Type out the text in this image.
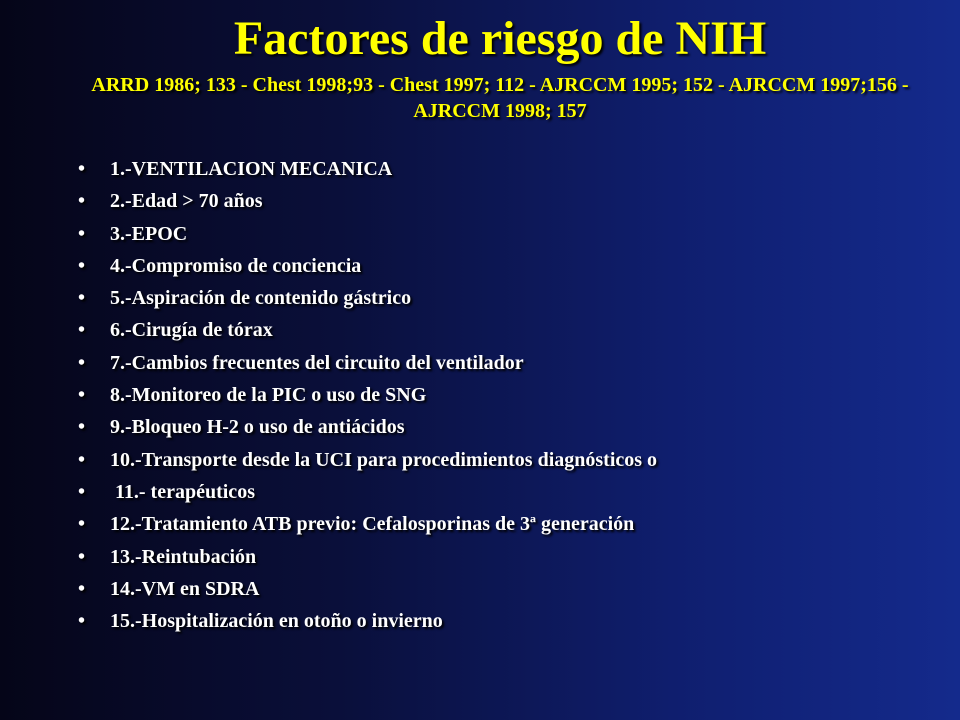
Factores de riesgo de NIH
ARRD 1986; 133 - Chest 1998;93 - Chest 1997; 112 - AJRCCM 1995; 152 - AJRCCM 1997;156 - AJRCCM 1998; 157
•	1.-VENTILACION MECANICA
•	2.-Edad > 70 años
•	3.-EPOC
•	4.-Compromiso de conciencia
•	5.-Aspiración de contenido gástrico
•	6.-Cirugía de tórax
•	7.-Cambios frecuentes del circuito del ventilador
•	8.-Monitoreo de la PIC o uso de SNG
•	9.-Bloqueo H-2 o uso de antiácidos
•	10.-Transporte desde la UCI para procedimientos diagnósticos o
•	11.- terapéuticos
•	12.-Tratamiento ATB previo: Cefalosporinas de 3ª generación
•	13.-Reintubación
•	14.-VM en SDRA
•	15.-Hospitalización en otoño o invierno
